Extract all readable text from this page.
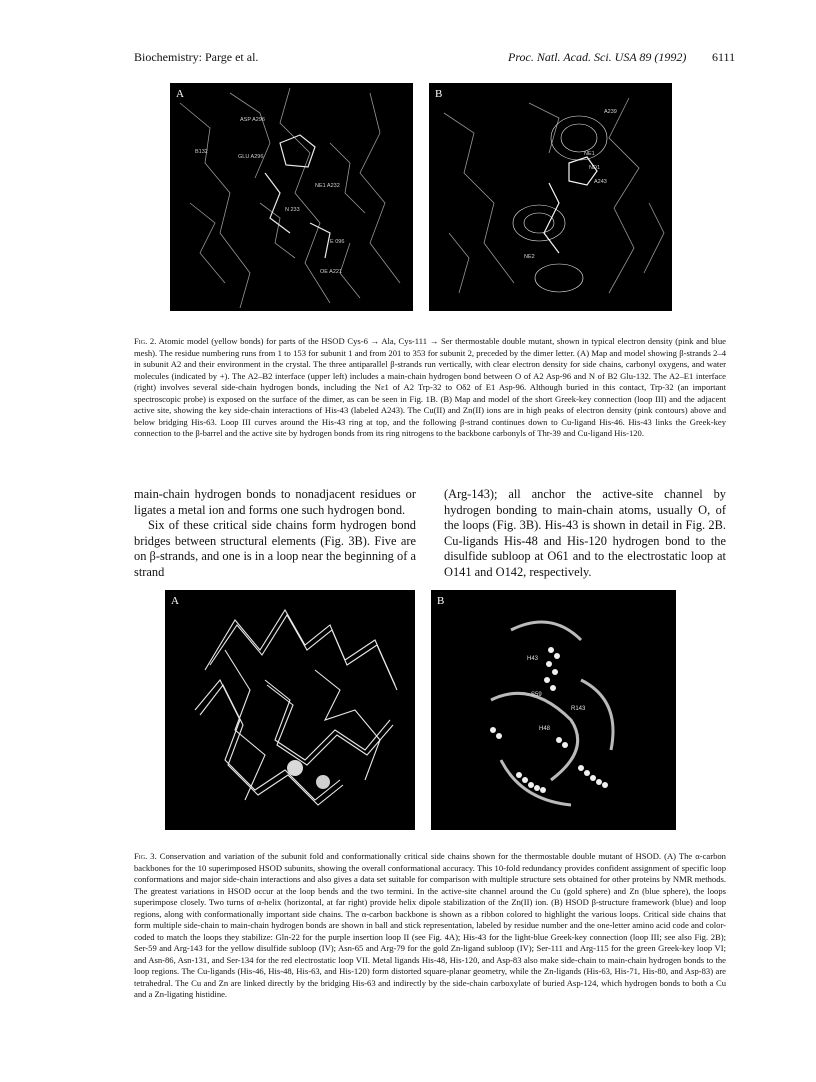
Biochemistry: Parge et al.	Proc. Natl. Acad. Sci. USA 89 (1992) 6111
ASP A296
GLU A296
NE1 A232
B132
E 096
OE A221
N 233
A
ND1
NE1
A243
A239
NE2
B
Fig. 2. Atomic model (yellow bonds) for parts of the HSOD Cys-6 → Ala, Cys-111 → Ser thermostable double mutant, shown in typical electron density (pink and blue mesh). The residue numbering runs from 1 to 153 for subunit 1 and from 201 to 353 for subunit 2, preceded by the dimer letter. (A) Map and model showing β-strands 2–4 in subunit A2 and their environment in the crystal. The three antiparallel β-strands run vertically, with clear electron density for side chains, carbonyl oxygens, and water molecules (indicated by +). The A2–B2 interface (upper left) includes a main-chain hydrogen bond between O of A2 Asp-96 and N of B2 Glu-132. The A2–E1 interface (right) involves several side-chain hydrogen bonds, including the Nε1 of A2 Trp-32 to Oδ2 of E1 Asp-96. Although buried in this contact, Trp-32 (an important spectroscopic probe) is exposed on the surface of the dimer, as can be seen in Fig. 1B. (B) Map and model of the short Greek-key connection (loop III) and the adjacent active site, showing the key side-chain interactions of His-43 (labeled A243). The Cu(II) and Zn(II) ions are in high peaks of electron density (pink contours) above and below bridging His-63. Loop III curves around the His-43 ring at top, and the following β-strand continues down to Cu-ligand His-46. His-43 links the Greek-key connection to the β-barrel and the active site by hydrogen bonds from its ring nitrogens to the backbone carbonyls of Thr-39 and Cu-ligand His-120.

main-chain hydrogen bonds to nonadjacent residues or ligates a metal ion and forms one such hydrogen bond.

Six of these critical side chains form hydrogen bond bridges between structural elements (Fig. 3B). Five are on β-strands, and one is in a loop near the beginning of a strand

(Arg-143); all anchor the active-site channel by hydrogen bonding to main-chain atoms, usually O, of the loops (Fig. 3B). His-43 is shown in detail in Fig. 2B. Cu-ligands His-48 and His-120 hydrogen bond to the disulfide subloop at O61 and to the electrostatic loop at O141 and O142, respectively.

A
H43
S59
R143
H48
B
Fig. 3. Conservation and variation of the subunit fold and conformationally critical side chains shown for the thermostable double mutant of HSOD. (A) The α-carbon backbones for the 10 superimposed HSOD subunits, showing the overall conformational accuracy. This 10-fold redundancy provides confident assignment of specific loop conformations and major side-chain interactions and also gives a data set suitable for comparison with multiple structure sets obtained for other proteins by NMR methods. The greatest variations in HSOD occur at the loop bends and the two termini. In the active-site channel around the Cu (gold sphere) and Zn (blue sphere), the loops superimpose closely. Two turns of α-helix (horizontal, at far right) provide helix dipole stabilization of the Zn(II) ion. (B) HSOD β-structure framework (blue) and loop regions, along with conformationally important side chains. The α-carbon backbone is shown as a ribbon colored to highlight the various loops. Critical side chains that form multiple side-chain to main-chain hydrogen bonds are shown in ball and stick representation, labeled by residue number and the one-letter amino acid code and color-coded to match the loops they stabilize: Gln-22 for the purple insertion loop II (see Fig. 4A); His-43 for the light-blue Greek-key connection (loop III; see also Fig. 2B); Ser-59 and Arg-143 for the yellow disulfide subloop (IV); Asn-65 and Arg-79 for the gold Zn-ligand subloop (IV); Ser-111 and Arg-115 for the green Greek-key loop VI; and Asn-86, Asn-131, and Ser-134 for the red electrostatic loop VII. Metal ligands His-48, His-120, and Asp-83 also make side-chain to main-chain hydrogen bonds to the loop regions. The Cu-ligands (His-46, His-48, His-63, and His-120) form distorted square-planar geometry, while the Zn-ligands (His-63, His-71, His-80, and Asp-83) are tetrahedral. The Cu and Zn are linked directly by the bridging His-63 and indirectly by the side-chain carboxylate of buried Asp-124, which hydrogen bonds to both a Cu and a Zn-ligating histidine.
